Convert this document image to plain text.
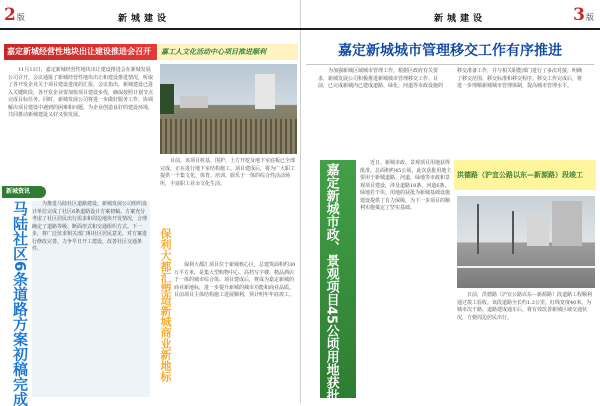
2版	新城建设
嘉定新城经营性地块出让建设推进会召开
11月13日，嘉定新城经营性地块出让建设推进会在新城发展公司召开。会议通报了新城经营性地块出让和建设推进情况，听取了各开发企业关于项目建设进度的汇报。会议指出，新城建设已进入关键阶段，各开发企业要加快项目建设步伐，确保按照计划节点完成目标任务。同时，新城发展公司将进一步做好服务工作，协调解决项目建设中遇到的困难和问题，为企业创造良好的建设环境，共同推动新城建设又好又快发展。
嘉工人文化活动中心项目推进顺利
目前，该项目桩基、围护、土方开挖及地下室底板已全部完成，正在进行地下室结构施工。项目建成后，将为广大职工提供一个集文化、体育、培训、娱乐于一体的综合性活动场所，丰富职工业余文化生活。
新城资讯
马陆社区6条道路方案初稿完成	为推进马陆社区道路建设，新城发展公司组织设计单位完成了社区6条道路设计方案初稿。方案充分考虑了社区居民出行需求和周边地块开发情况，合理确定了道路等级、断面形式和交通组织方式。下一步，将广泛征求相关部门和社区居民意见，对方案进行修改完善，力争早日开工建设，改善社区交通条件。	保利大都汇塑造新城商业新地标	保利大都汇项目位于新城核心区，总建筑面积约30万平方米，是集大型购物中心、高档写字楼、精品酒店于一体的城市综合体。项目建成后，将成为嘉定新城的商业新地标，进一步提升新城的城市功能和商业品质。目前项目主体结构施工进展顺利，预计明年年底竣工。
新城建设	3版
嘉定新城城市管理移交工作有序推进
为加强新城区域城市管理工作，根据区政府有关要求，新城发展公司积极推进新城城市管理移交工作。目前，已完成新城内已建成道路、绿化、河道等市政设施的移交准备工作，并与相关职能部门进行了多次对接，明确了移交范围、移交标准和移交程序。移交工作完成后，将进一步理顺新城城市管理体制，提高城市管理水平。
嘉定新城市政、景观项目45公顷用地获批	近日，新城市政、景观项目用地获得批准，总面积约45公顷。此次获批用地主要用于新城道路、河道、绿地等市政和景观项目建设，涉及道路18条、河道6条、绿地若干块。用地的获批为新城基础设施建设提供了有力保障，为下一步项目的顺利实施奠定了坚实基础。
洪德路（沪宜公路以东—新源路）段竣工
日前，洪德路（沪宜公路以东—新源路）段道路工程顺利通过竣工验收。该段道路全长约1.2公里，红线宽度40米，为城市次干路。道路建成通车后，将有效改善新城区域交通状况，方便周边居民出行。
